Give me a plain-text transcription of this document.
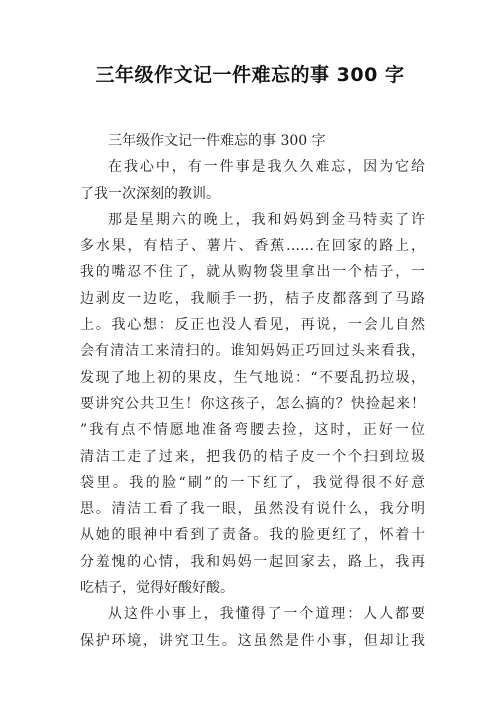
三年级作文记一件难忘的事 300 字
三年级作文记一件难忘的事 300 字
在我心中，有一件事是我久久难忘，因为它给
了我一次深刻的教训。
那是星期六的晚上，我和妈妈到金马特卖了许
多水果，有桔子、薯片、香蕉……在回家的路上，
我的嘴忍不住了，就从购物袋里拿出一个桔子，一
边剥皮一边吃，我顺手一扔，桔子皮都落到了马路
上。我心想：反正也没人看见，再说，一会儿自然
会有清洁工来清扫的。谁知妈妈正巧回过头来看我，
发现了地上初的果皮，生气地说：“不要乱扔垃圾，
要讲究公共卫生！你这孩子，怎么搞的？快捡起来！
”我有点不情愿地准备弯腰去捡，这时，正好一位
清洁工走了过来，把我仍的桔子皮一个个扫到垃圾
袋里。我的脸“刷”的一下红了，我觉得很不好意
思。清洁工看了我一眼，虽然没有说什么，我分明
从她的眼神中看到了责备。我的脸更红了，怀着十
分羞愧的心情，我和妈妈一起回家去，路上，我再
吃桔子，觉得好酸好酸。
从这件小事上，我懂得了一个道理：人人都要
保护环境，讲究卫生。这虽然是件小事，但却让我
